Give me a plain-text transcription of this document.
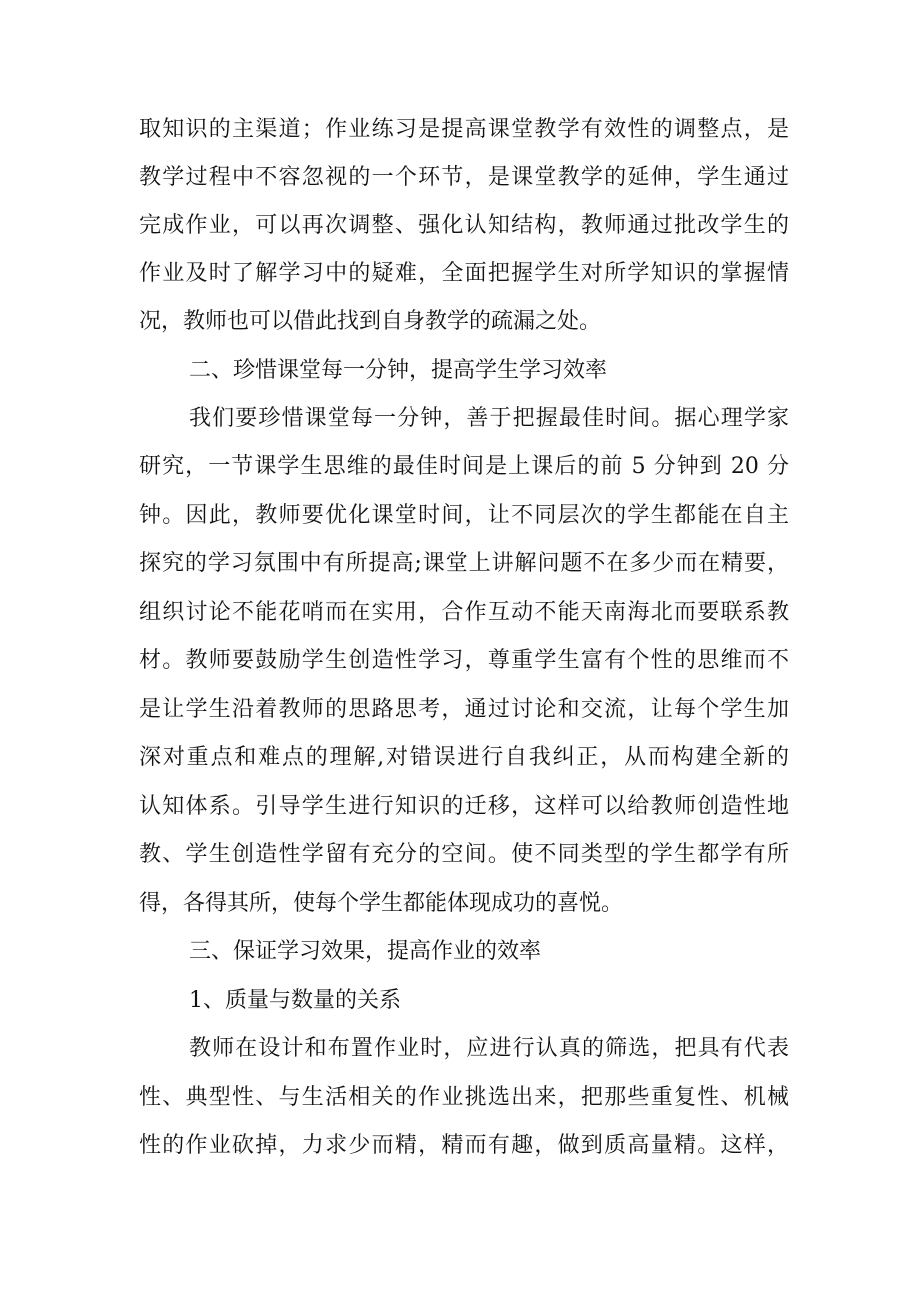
取知识的主渠道；作业练习是提高课堂教学有效性的调整点，是
教学过程中不容忽视的一个环节，是课堂教学的延伸，学生通过
完成作业，可以再次调整、强化认知结构，教师通过批改学生的
作业及时了解学习中的疑难，全面把握学生对所学知识的掌握情
况，教师也可以借此找到自身教学的疏漏之处。
二、珍惜课堂每一分钟，提高学生学习效率
我们要珍惜课堂每一分钟，善于把握最佳时间。据心理学家
研究，一节课学生思维的最佳时间是上课后的前 5 分钟到 20 分
钟。因此，教师要优化课堂时间，让不同层次的学生都能在自主
探究的学习氛围中有所提高;课堂上讲解问题不在多少而在精要，
组织讨论不能花哨而在实用，合作互动不能天南海北而要联系教
材。教师要鼓励学生创造性学习，尊重学生富有个性的思维而不
是让学生沿着教师的思路思考，通过讨论和交流，让每个学生加
深对重点和难点的理解,对错误进行自我纠正，从而构建全新的
认知体系。引导学生进行知识的迁移，这样可以给教师创造性地
教、学生创造性学留有充分的空间。使不同类型的学生都学有所
得，各得其所，使每个学生都能体现成功的喜悦。
三、保证学习效果，提高作业的效率
1、质量与数量的关系
教师在设计和布置作业时，应进行认真的筛选，把具有代表
性、典型性、与生活相关的作业挑选出来，把那些重复性、机械
性的作业砍掉，力求少而精，精而有趣，做到质高量精。这样，
